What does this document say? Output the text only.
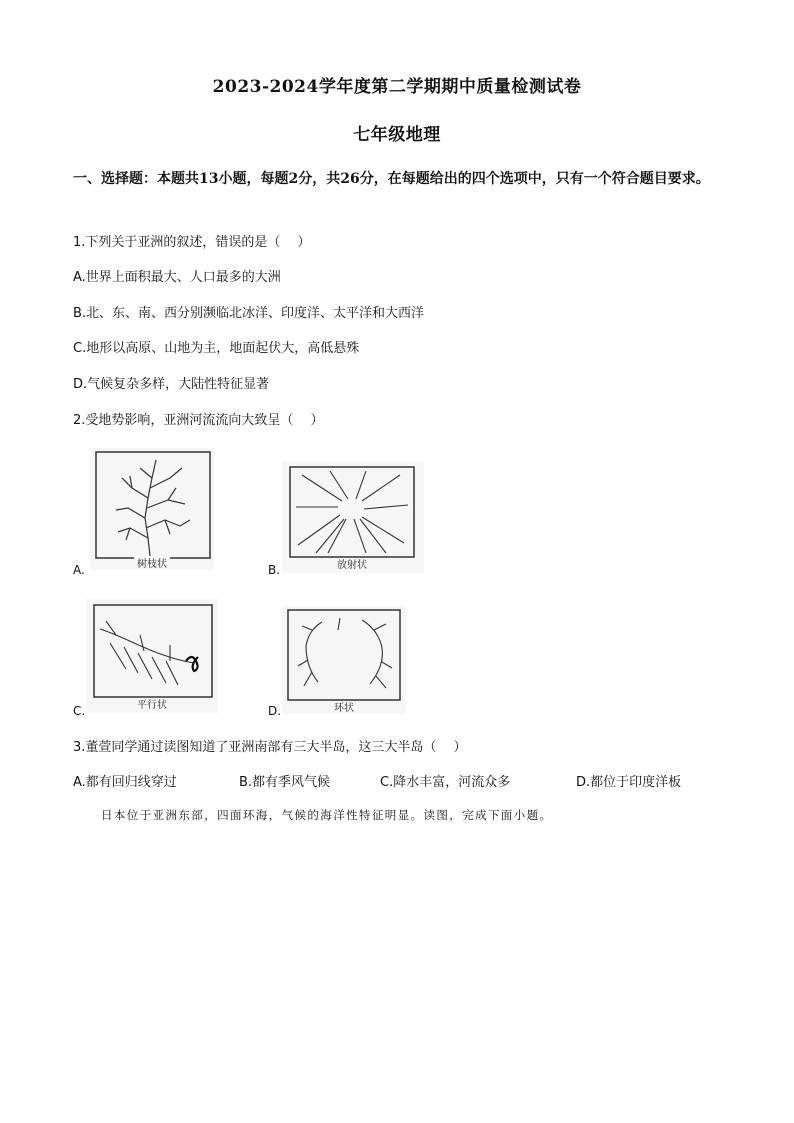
2023-2024学年度第二学期期中质量检测试卷
七年级地理
一、选择题：本题共13小题，每题2分，共26分，在每题给出的四个选项中，只有一个符合题目要求。
1.下列关于亚洲的叙述，错误的是（　 ）
A.世界上面积最大、人口最多的大洲
B.北、东、南、西分别濒临北冰洋、印度洋、太平洋和大西洋
C.地形以高原、山地为主，地面起伏大，高低悬殊
D.气候复杂多样，大陆性特征显著
2.受地势影响，亚洲河流流向大致呈（　 ）
A.	树枝状	B.	放射状
C.	平行状	D.	环状
3.董萱同学通过读图知道了亚洲南部有三大半岛，这三大半岛（　 ）
A.都有回归线穿过	B.都有季风气候	C.降水丰富，河流众多	D.都位于印度洋板
日本位于亚洲东部，四面环海，气候的海洋性特征明显。读图，完成下面小题。
